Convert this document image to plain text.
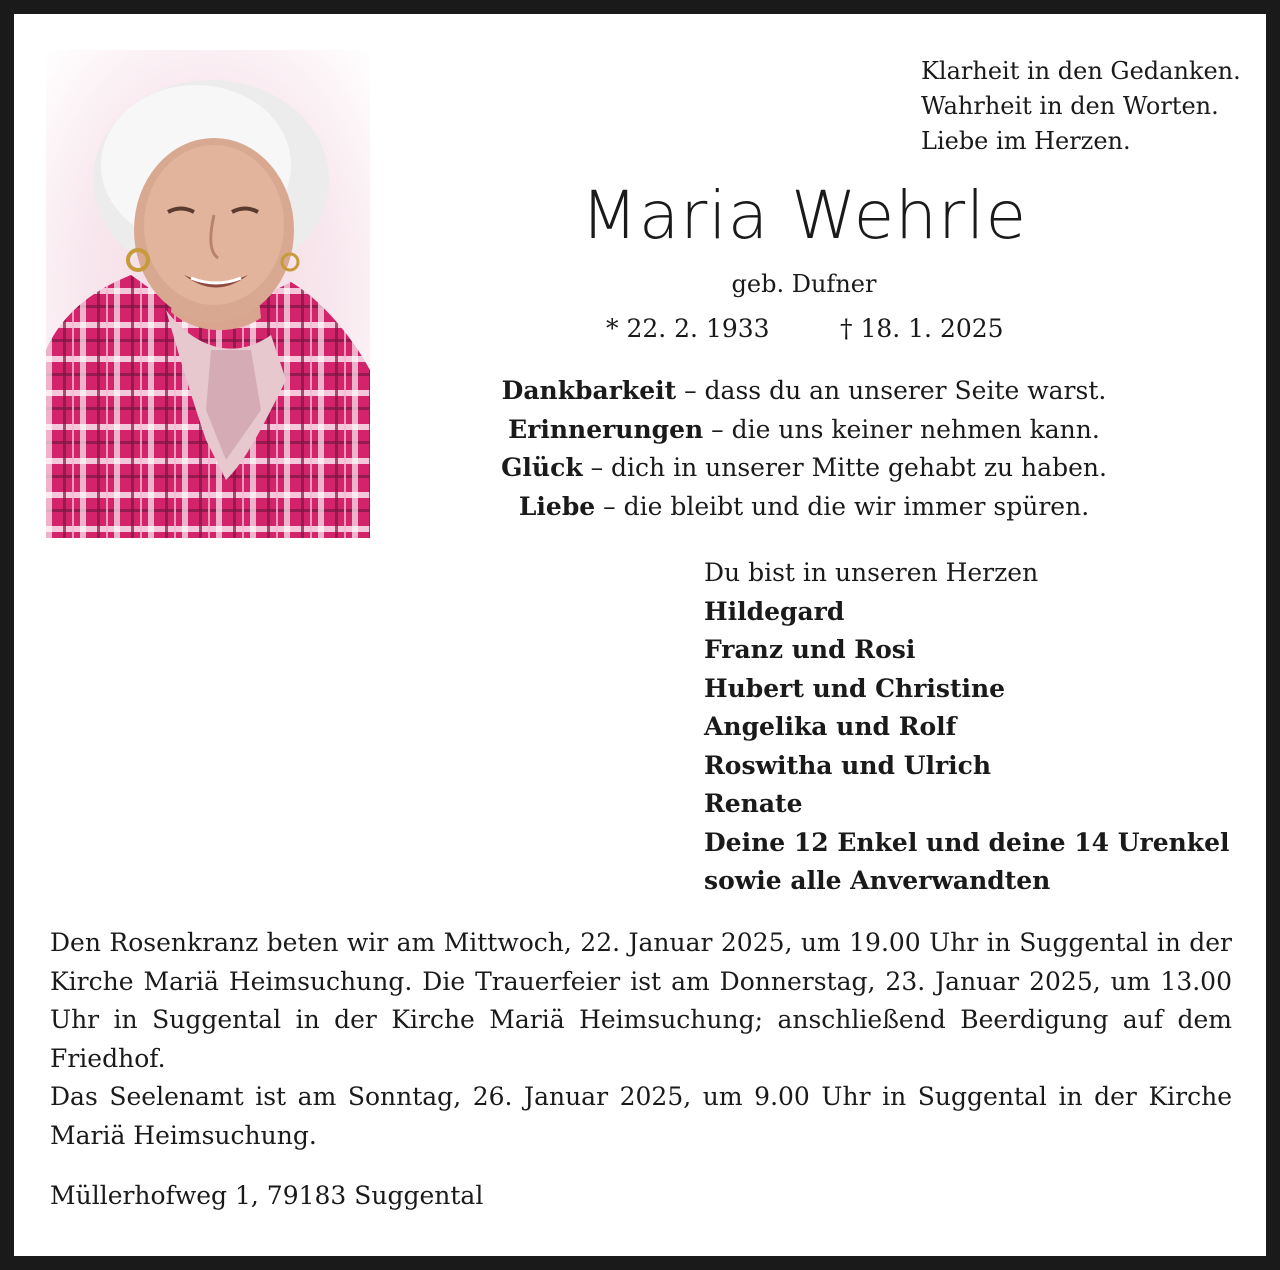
Klarheit in den Gedanken.
Wahrheit in den Worten.
Liebe im Herzen.
Maria Wehrle
geb. Dufner
* 22. 2. 1933	† 18. 1. 2025
Dankbarkeit – dass du an unserer Seite warst.
Erinnerungen – die uns keiner nehmen kann.
Glück – dich in unserer Mitte gehabt zu haben.
Liebe – die bleibt und die wir immer spüren.
Du bist in unseren Herzen
Hildegard
Franz und Rosi
Hubert und Christine
Angelika und Rolf
Roswitha und Ulrich
Renate
Deine 12 Enkel und deine 14 Urenkel
sowie alle Anverwandten

Den Rosenkranz beten wir am Mittwoch, 22. Januar 2025, um 19.00 Uhr in Suggental in der Kirche Mariä Heimsuchung. Die Trauerfeier ist am Donnerstag, 23. Januar 2025, um 13.00 Uhr in Suggental in der Kirche Mariä Heimsuchung; anschließend Beerdigung auf dem Friedhof.

Das Seelenamt ist am Sonntag, 26. Januar 2025, um 9.00 Uhr in Suggental in der Kirche Mariä Heimsuchung.

Müllerhofweg 1, 79183 Suggental
